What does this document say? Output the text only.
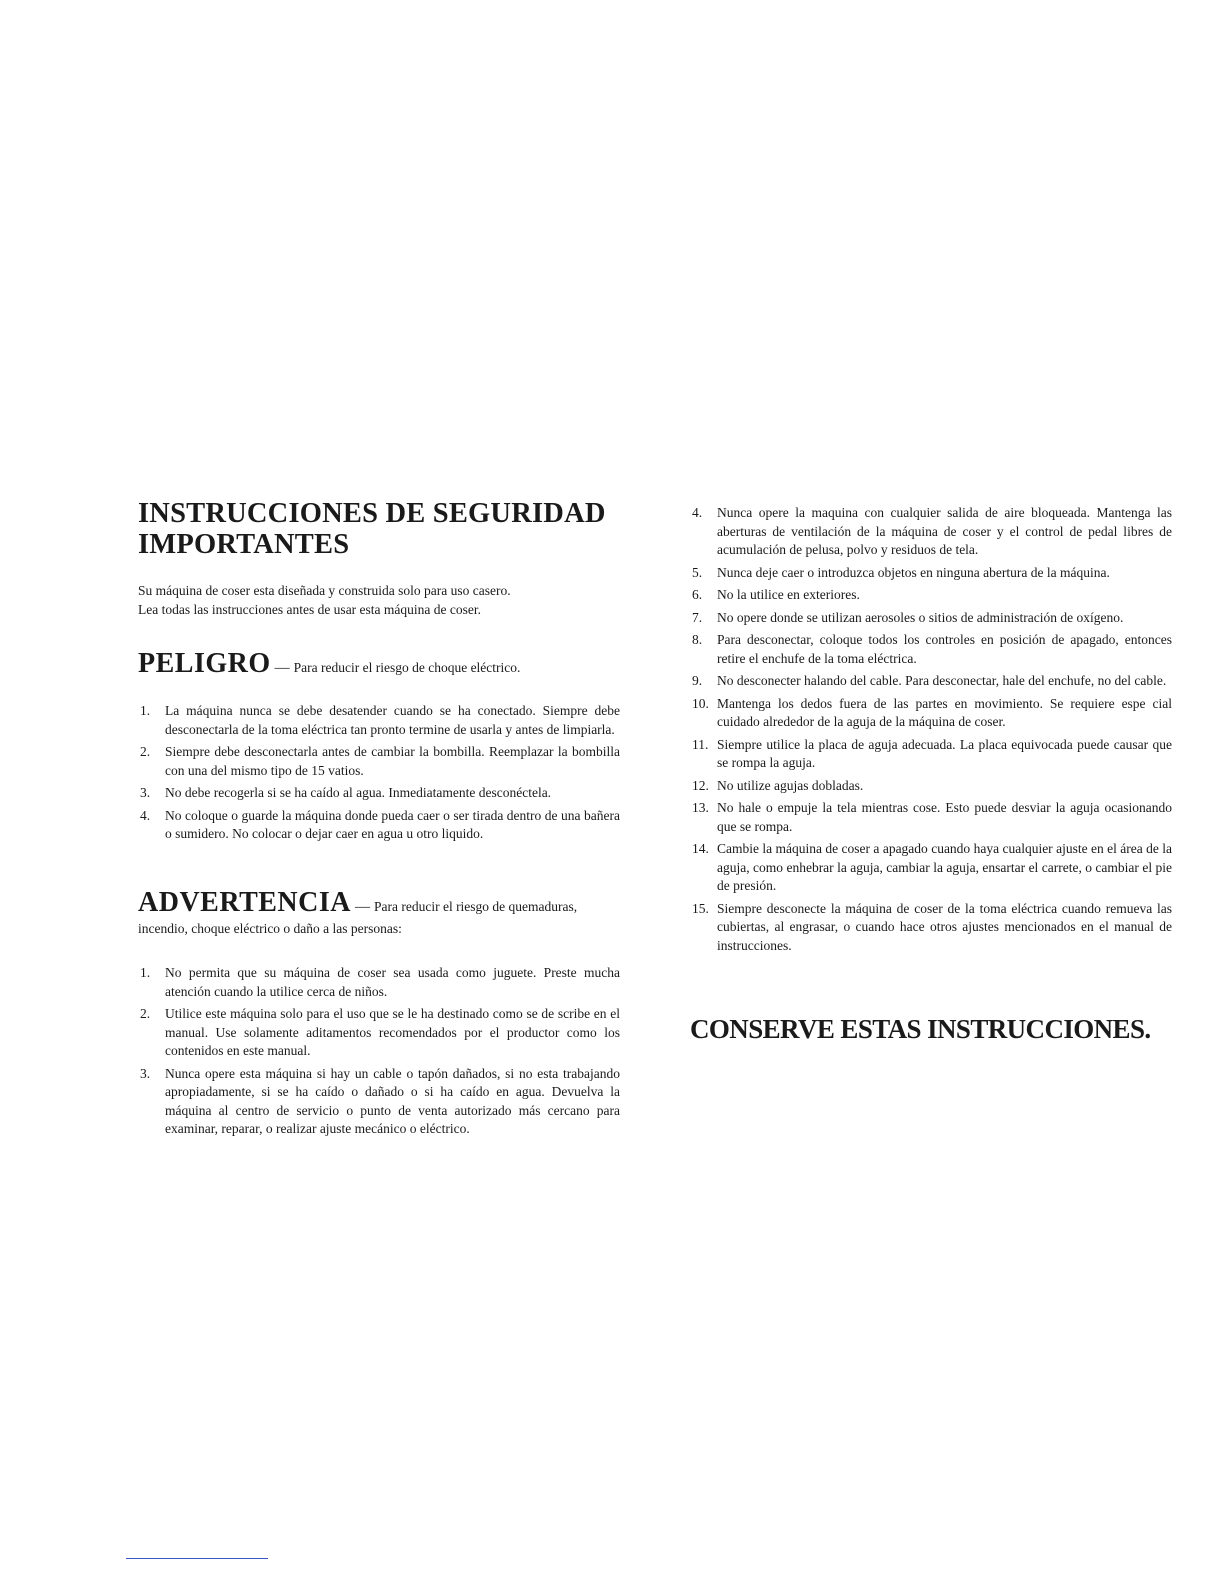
INSTRUCCIONES DE SEGURIDAD
IMPORTANTES

Su máquina de coser esta diseñada y construida solo para uso casero.

Lea todas las instrucciones antes de usar esta máquina de coser.

PELIGRO — Para reducir el riesgo de choque eléctrico.
1. La máquina nunca se debe desatender cuando se ha conectado. Siempre debe desconectarla de la toma eléctrica tan pronto termine de usarla y antes de limpiarla.
2. Siempre debe desconectarla antes de cambiar la bombilla. Reemplazar la bombilla con una del mismo tipo de 15 vatios.
3. No debe recogerla si se ha caído al agua. Inmediatamente desconéctela.
4. No coloque o guarde la máquina donde pueda caer o ser tirada dentro de una bañera o sumidero. No colocar o dejar caer en agua u otro liquido.
ADVERTENCIA — Para reducir el riesgo de quemaduras,
incendio, choque eléctrico o daño a las personas:
1. No permita que su máquina de coser sea usada como juguete. Preste mucha atención cuando la utilice cerca de niños.
2. Utilice este máquina solo para el uso que se le ha destinado como se de scribe en el manual. Use solamente aditamentos recomendados por el productor como los contenidos en este manual.
3. Nunca opere esta máquina si hay un cable o tapón dañados, si no esta trabajando apropiadamente, si se ha caído o dañado o si ha caído en agua. Devuelva la máquina al centro de servicio o punto de venta autorizado más cercano para examinar, reparar, o realizar ajuste mecánico o eléctrico.
4. Nunca opere la maquina con cualquier salida de aire bloqueada. Mantenga las aberturas de ventilación de la máquina de coser y el control de pedal libres de acumulación de pelusa, polvo y residuos de tela.
5. Nunca deje caer o introduzca objetos en ninguna abertura de la máquina.
6. No la utilice en exteriores.
7. No opere donde se utilizan aerosoles o sitios de administración de oxígeno.
8. Para desconectar, coloque todos los controles en posición de apagado, entonces retire el enchufe de la toma eléctrica.
9. No desconecter halando del cable. Para desconectar, hale del enchufe, no del cable.
10. Mantenga los dedos fuera de las partes en movimiento. Se requiere espe cial cuidado alrededor de la aguja de la máquina de coser.
11. Siempre utilice la placa de aguja adecuada. La placa equivocada puede causar que se rompa la aguja.
12. No utilize agujas dobladas.
13. No hale o empuje la tela mientras cose. Esto puede desviar la aguja ocasionando que se rompa.
14. Cambie la máquina de coser a apagado cuando haya cualquier ajuste en el área de la aguja, como enhebrar la aguja, cambiar la aguja, ensartar el carrete, o cambiar el pie de presión.
15. Siempre desconecte la máquina de coser de la toma eléctrica cuando remueva las cubiertas, al engrasar, o cuando hace otros ajustes mencionados en el manual de instrucciones.
CONSERVE ESTAS INSTRUCCIONES.
